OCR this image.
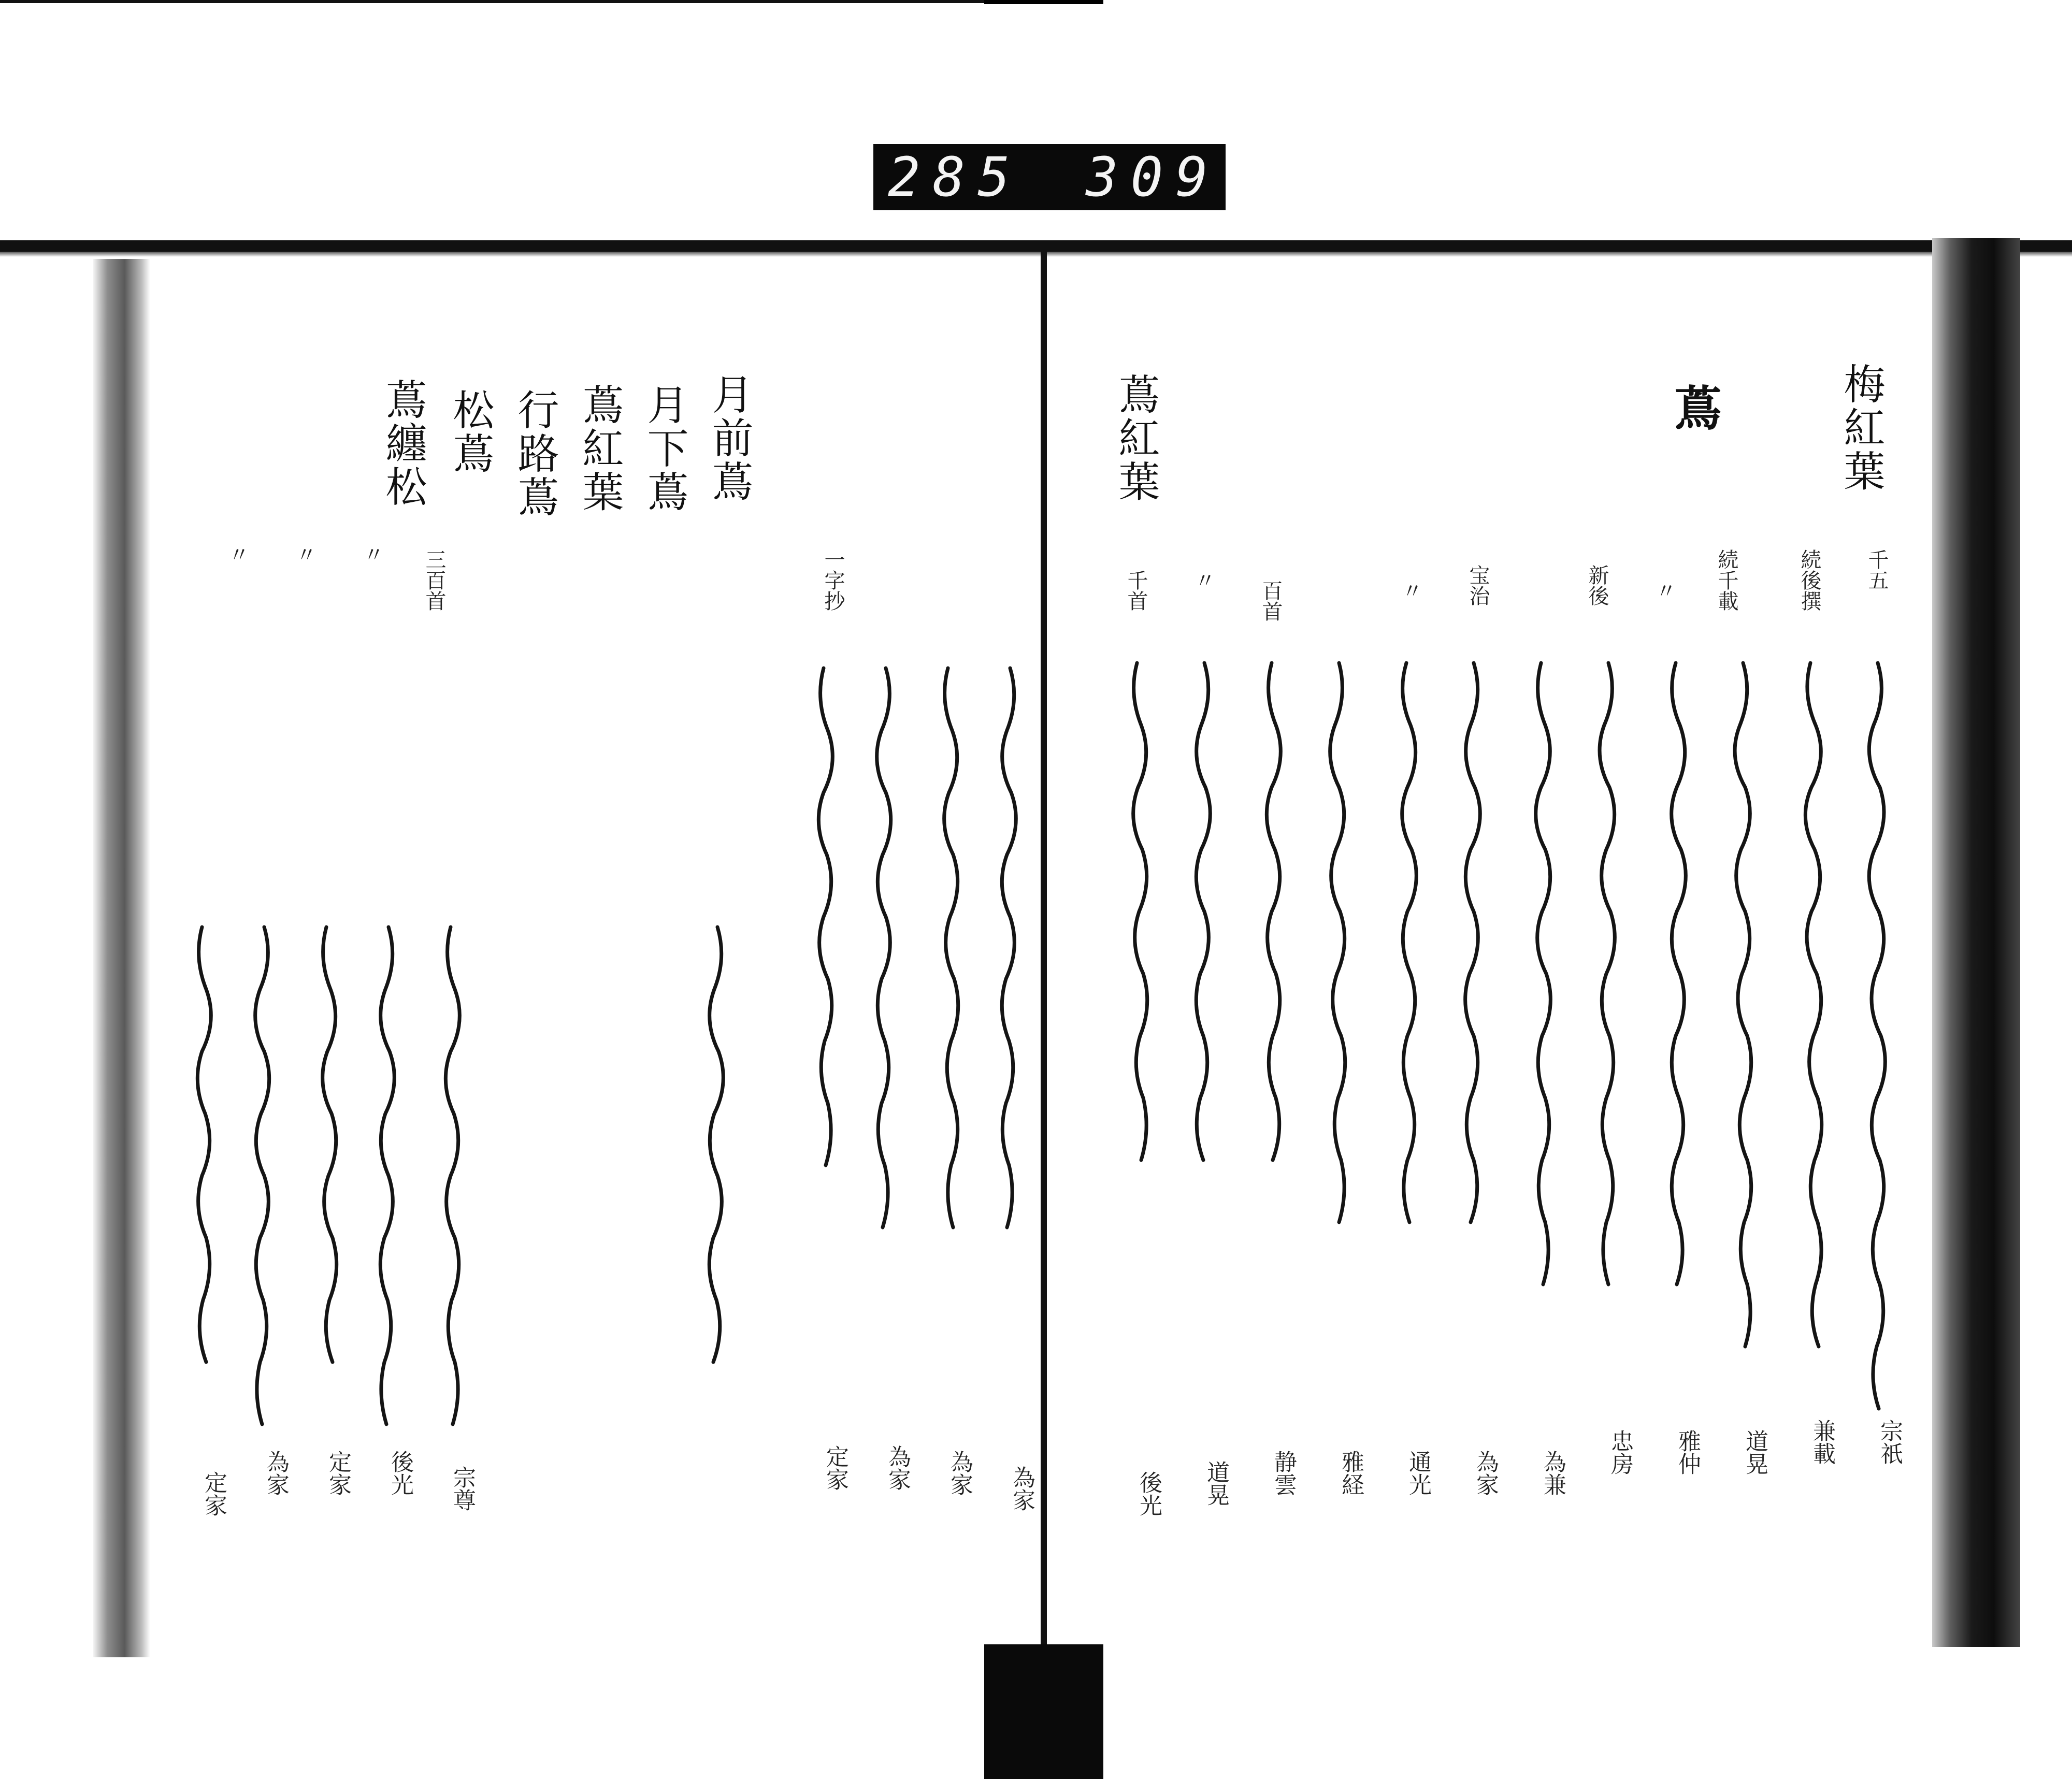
285 309
梅紅葉
千五
続後撰
蔦
続千載
〃
新後
宝治
〃
百首
〃
千首
蔦紅葉
宗祇
兼載
道晃
雅仲
忠房
為兼
為家
通光
雅経
静雲
道晃
後光
一字抄
月前蔦
月下蔦
蔦紅葉
行路蔦
松蔦
蔦纏松
三百首
〃
〃
〃
為家
為家
為家
定家
宗尊
後光
定家
為家
定家
